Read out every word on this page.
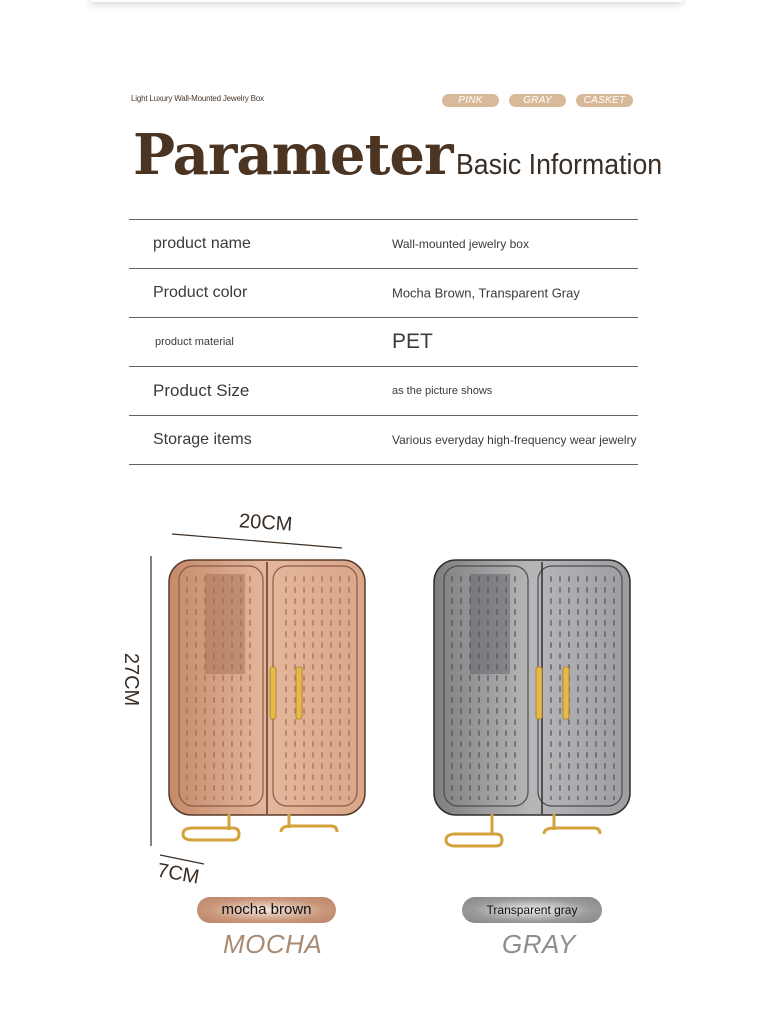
Light Luxury Wall-Mounted Jewelry Box	PINK	GRAY	CASKET
Parameter Basic Information
product name	Wall-mounted jewelry box
Product color	Mocha Brown, Transparent Gray
product material	PET
Product Size	as the picture shows
Storage items	Various everyday high-frequency wear jewelry
20CM
27CM
7CM
mocha brown
MOCHA
Transparent gray
GRAY
